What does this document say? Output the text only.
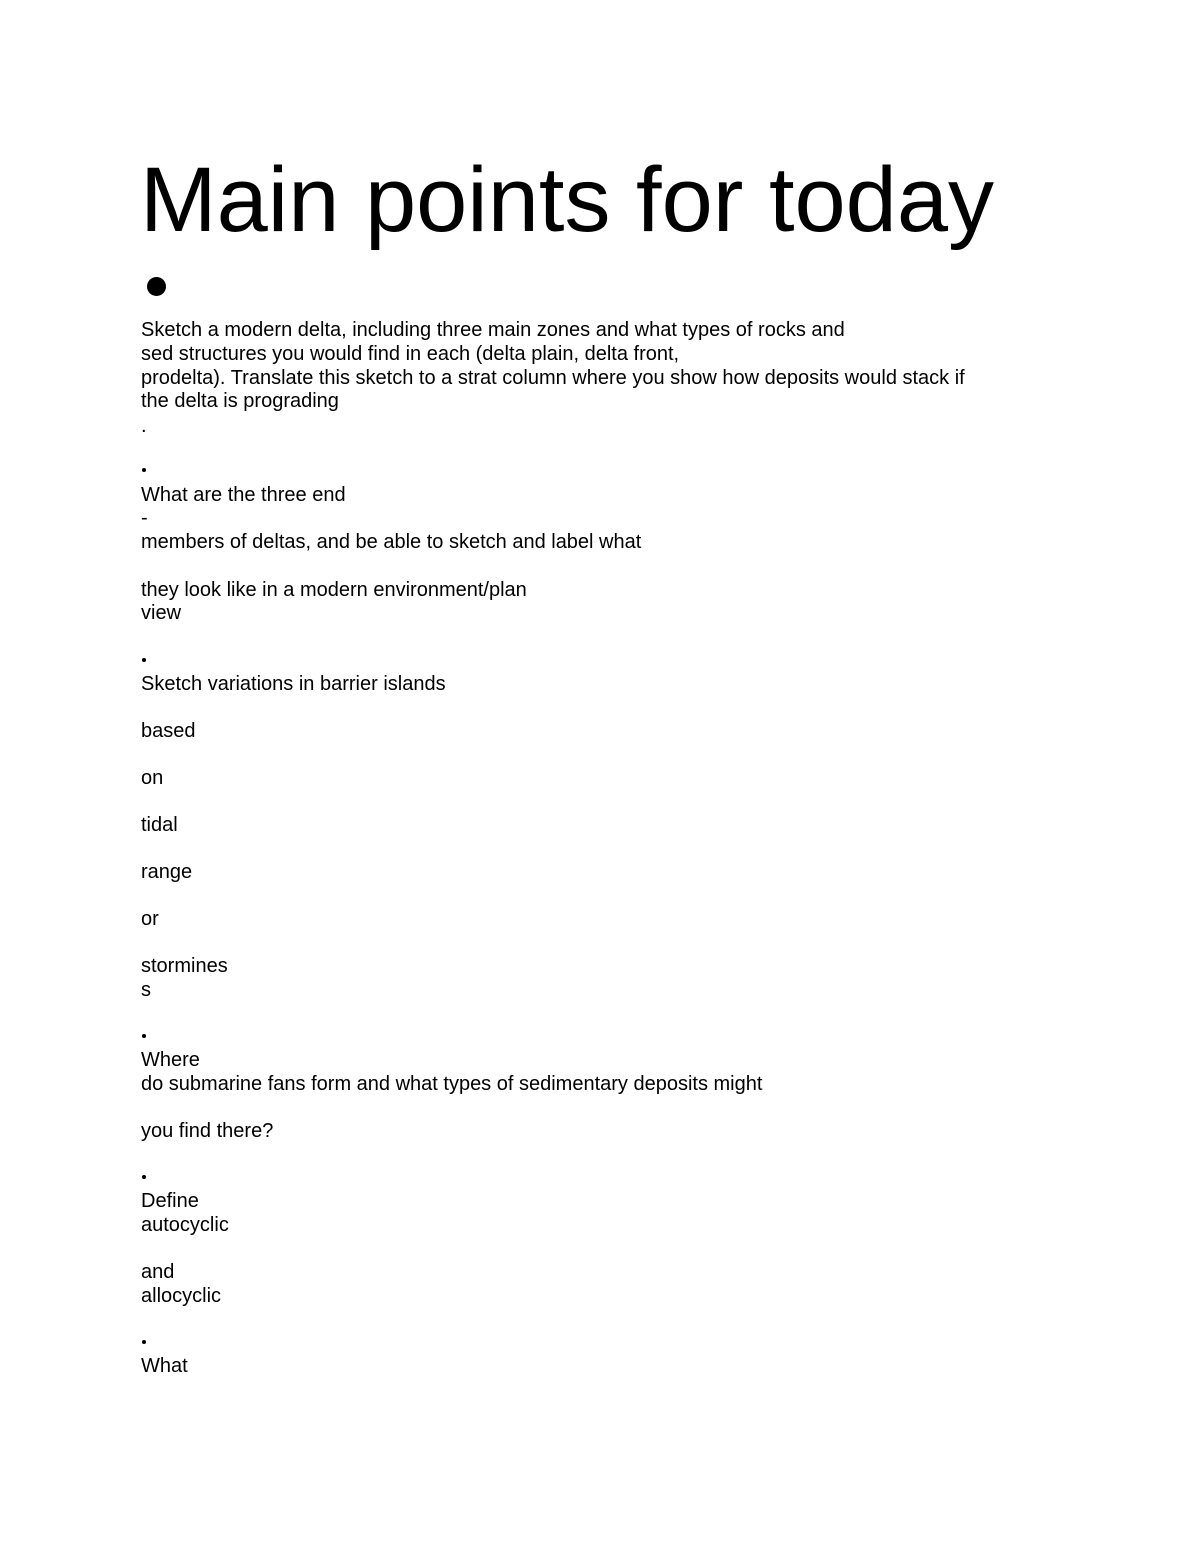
Main points for today

Sketch a modern delta, including three main zones and what types of rocks and

sed structures you would find in each (delta plain, delta front,

prodelta). Translate this sketch to a strat column where you show how deposits would stack if

the delta is prograding

.

What are the three end

-

members of deltas, and be able to sketch and label what

they look like in a modern environment/plan

view

Sketch variations in barrier islands

based

on

tidal

range

or

stormines

s

Where

do submarine fans form and what types of sedimentary deposits might

you find there?

Define

autocyclic

and

allocyclic

What
